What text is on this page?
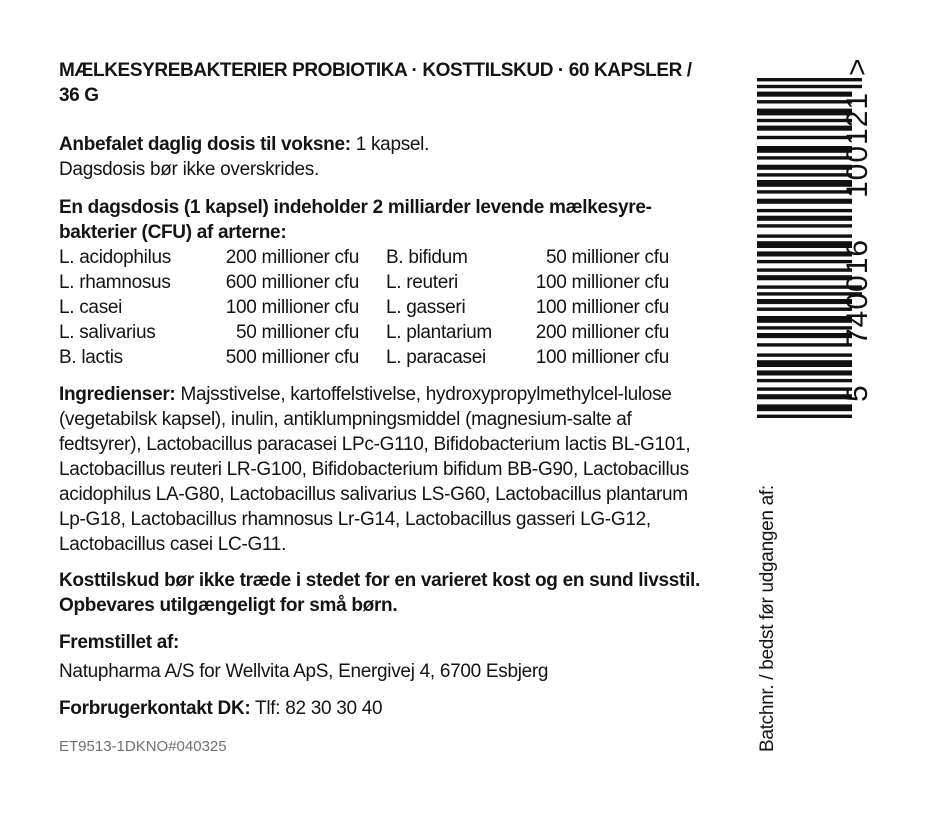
MÆLKESYREBAKTERIER PROBIOTIKA · KOSTTILSKUD · 60 KAPSLER / 36 G

Anbefalet daglig dosis til voksne: 1 kapsel.
Dagsdosis bør ikke overskrides.
En dagsdosis (1 kapsel) indeholder 2 milliarder levende mælkesyre-bakterier (CFU) af arterne:
L. acidophilus	200 millioner cfu B. bifidum	50 millioner cfu
L. rhamnosus	600 millioner cfu L. reuteri	100 millioner cfu
L. casei	100 millioner cfu L. gasseri	100 millioner cfu
L. salivarius	50 millioner cfu L. plantarium	200 millioner cfu
B. lactis	500 millioner cfu L. paracasei	100 millioner cfu
Ingredienser: Majsstivelse, kartoffelstivelse, hydroxypropylmethylcel-lulose (vegetabilsk kapsel), inulin, antiklumpningsmiddel (magnesium-salte af fedtsyrer), Lactobacillus paracasei LPc-G110, Bifidobacterium lactis BL-G101, Lactobacillus reuteri LR-G100, Bifidobacterium bifidum BB-G90, Lactobacillus acidophilus LA-G80, Lactobacillus salivarius LS-G60, Lactobacillus plantarum Lp-G18, Lactobacillus rhamnosus Lr-G14, Lactobacillus gasseri LG-G12, Lactobacillus casei LC-G11.
Kosttilskud bør ikke træde i stedet for en varieret kost og en sund livsstil. Opbevares utilgængeligt for små børn.
Fremstillet af:
Natupharma A/S for Wellvita ApS, Energivej 4, 6700 Esbjerg
Forbrugerkontakt DK: Tlf: 82 30 30 40
ET9513-1DKNO#040325
5
740016
100121
>
Batchnr. / bedst før udgangen af:
